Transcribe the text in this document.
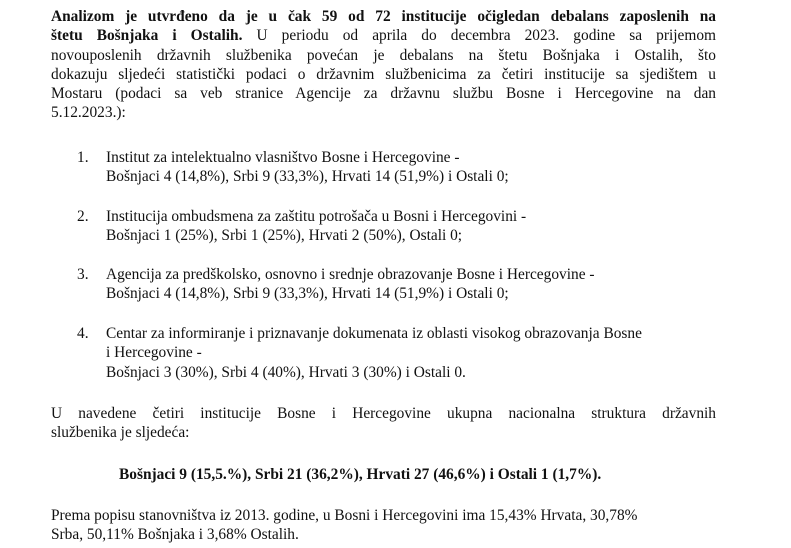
Analizom je utvrđeno da je u čak 59 od 72 institucije očigledan debalans zaposlenih na
štetu Bošnjaka i Ostalih. U periodu od aprila do decembra 2023. godine sa prijemom
novouposlenih državnih službenika povećan je debalans na štetu Bošnjaka i Ostalih, što
dokazuju sljedeći statistički podaci o državnim službenicima za četiri institucije sa sjedištem u
Mostaru (podaci sa veb stranice Agencije za državnu službu Bosne i Hercegovine na dan
5.12.2023.):
1.	Institut za intelektualno vlasništvo Bosne i Hercegovine -
Bošnjaci 4 (14,8%), Srbi 9 (33,3%), Hrvati 14 (51,9%) i Ostali 0;
2.	Institucija ombudsmena za zaštitu potrošača u Bosni i Hercegovini -
Bošnjaci 1 (25%), Srbi 1 (25%), Hrvati 2 (50%), Ostali 0;
3.	Agencija za predškolsko, osnovno i srednje obrazovanje Bosne i Hercegovine -
Bošnjaci 4 (14,8%), Srbi 9 (33,3%), Hrvati 14 (51,9%) i Ostali 0;
4.	Centar za informiranje i priznavanje dokumenata iz oblasti visokog obrazovanja Bosne
i Hercegovine -
Bošnjaci 3 (30%), Srbi 4 (40%), Hrvati 3 (30%) i Ostali 0.
U navedene četiri institucije Bosne i Hercegovine ukupna nacionalna struktura državnih
službenika je sljedeća:
Bošnjaci 9 (15,5.%), Srbi 21 (36,2%), Hrvati 27 (46,6%) i Ostali 1 (1,7%).
Prema popisu stanovništva iz 2013. godine, u Bosni i Hercegovini ima 15,43% Hrvata, 30,78%
Srba, 50,11% Bošnjaka i 3,68% Ostalih.
